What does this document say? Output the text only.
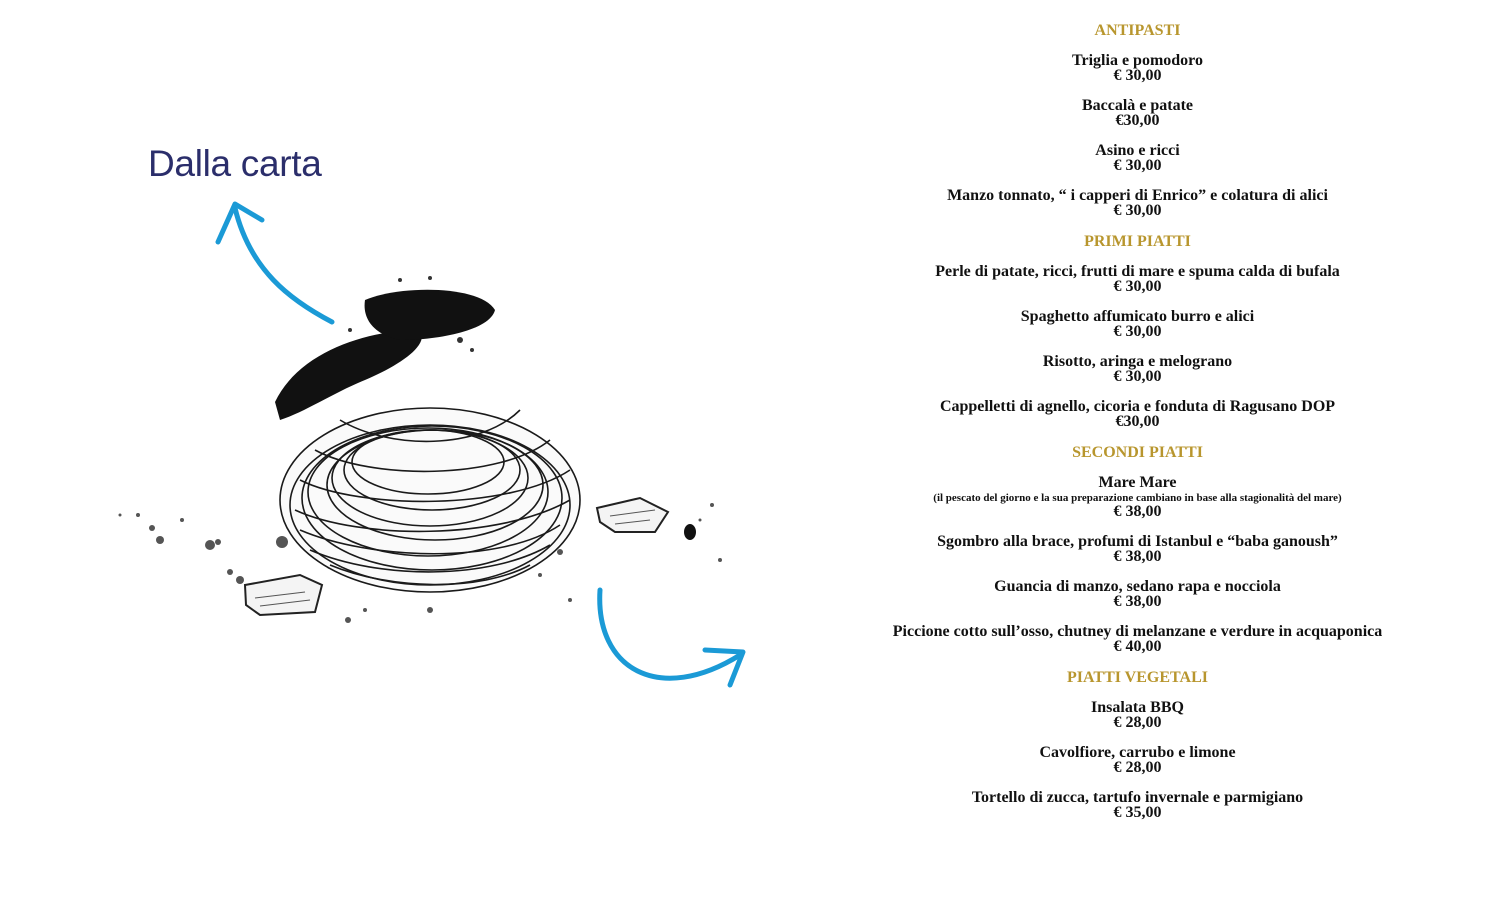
Dalla carta
ANTIPASTI
Triglia e pomodoro
€ 30,00
Baccalà e patate
€30,00
Asino e ricci
€ 30,00
Manzo tonnato, “ i capperi di Enrico” e colatura di alici
€ 30,00
PRIMI PIATTI
Perle di patate, ricci, frutti di mare e spuma calda di bufala
€ 30,00
Spaghetto affumicato burro e alici
€ 30,00
Risotto, aringa e melograno
€ 30,00
Cappelletti di agnello, cicoria e fonduta di Ragusano DOP
€30,00
SECONDI PIATTI
Mare Mare
(il pescato del giorno e la sua preparazione cambiano in base alla stagionalità del mare)
€ 38,00
Sgombro alla brace, profumi di Istanbul e “baba ganoush”
€ 38,00
Guancia di manzo, sedano rapa e nocciola
€ 38,00
Piccione cotto sull’osso, chutney di melanzane e verdure in acquaponica
€ 40,00
PIATTI VEGETALI
Insalata BBQ
€ 28,00
Cavolfiore, carrubo e limone
€ 28,00
Tortello di zucca, tartufo invernale e parmigiano
€ 35,00
